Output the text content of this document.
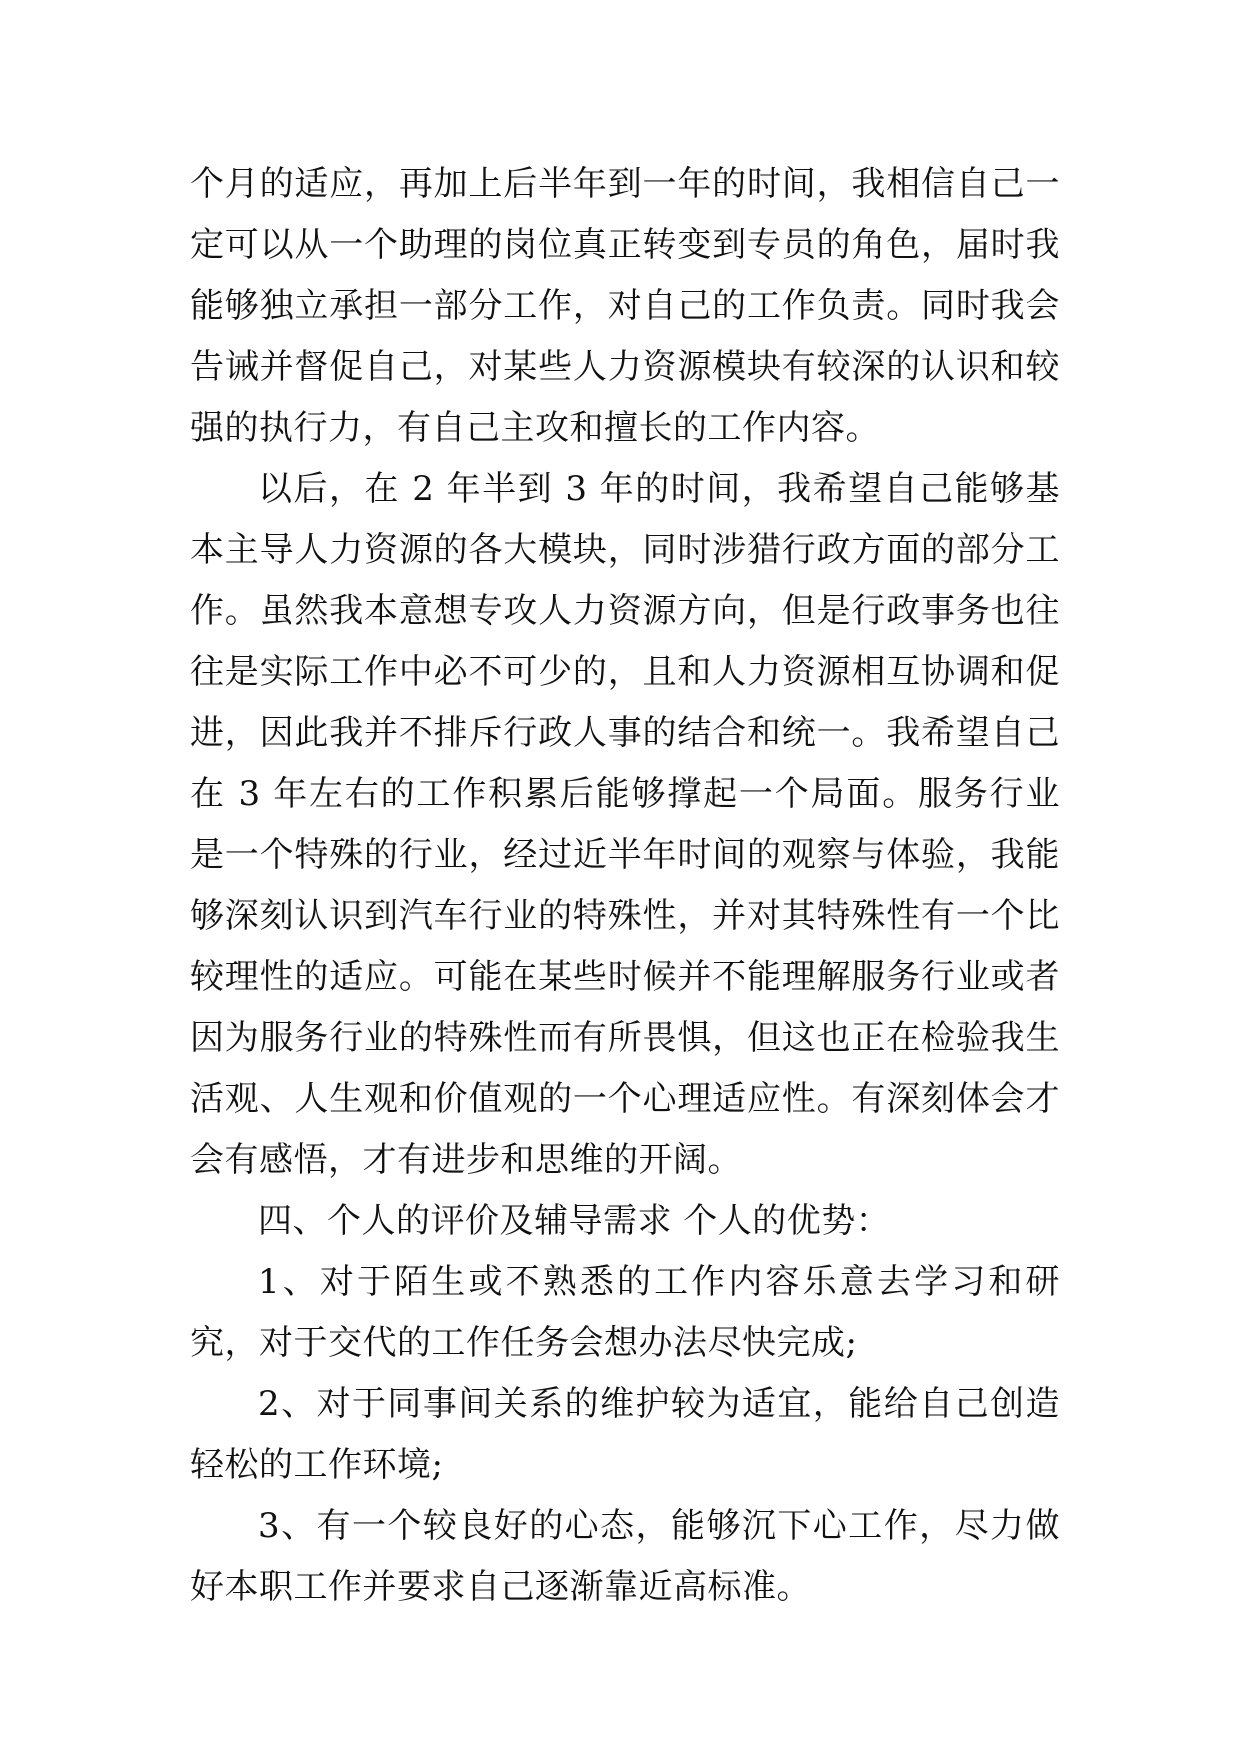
个月的适应，再加上后半年到一年的时间，我相信自己一定可以从一个助理的岗位真正转变到专员的角色，届时我能够独立承担一部分工作，对自己的工作负责。同时我会告诫并督促自己，对某些人力资源模块有较深的认识和较强的执行力，有自己主攻和擅长的工作内容。

以后，在 2 年半到 3 年的时间，我希望自己能够基本主导人力资源的各大模块，同时涉猎行政方面的部分工作。虽然我本意想专攻人力资源方向，但是行政事务也往往是实际工作中必不可少的，且和人力资源相互协调和促进，因此我并不排斥行政人事的结合和统一。我希望自己在 3 年左右的工作积累后能够撑起一个局面。服务行业是一个特殊的行业，经过近半年时间的观察与体验，我能够深刻认识到汽车行业的特殊性，并对其特殊性有一个比较理性的适应。可能在某些时候并不能理解服务行业或者因为服务行业的特殊性而有所畏惧，但这也正在检验我生活观、人生观和价值观的一个心理适应性。有深刻体会才会有感悟，才有进步和思维的开阔。

四、个人的评价及辅导需求 个人的优势：

1、对于陌生或不熟悉的工作内容乐意去学习和研究，对于交代的工作任务会想办法尽快完成;

2、对于同事间关系的维护较为适宜，能给自己创造轻松的工作环境;

3、有一个较良好的心态，能够沉下心工作，尽力做好本职工作并要求自己逐渐靠近高标准。
